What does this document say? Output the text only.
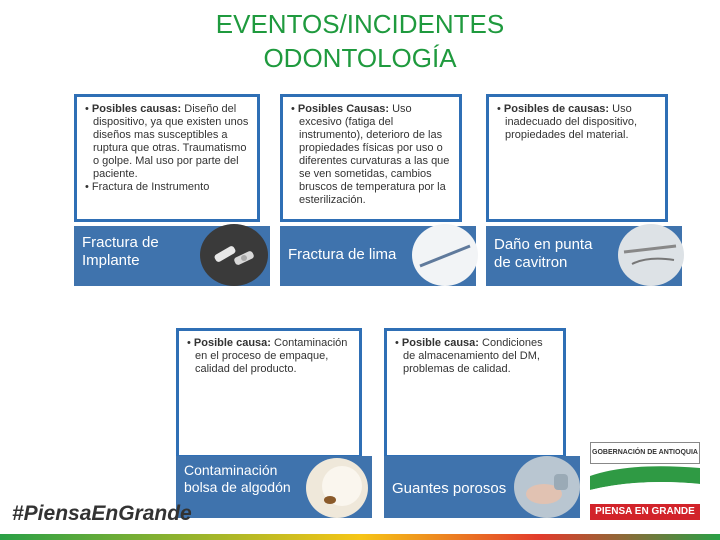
EVENTOS/INCIDENTES
ODONTOLOGÍA
• Posibles causas: Diseño del dispositivo, ya que existen unos diseños mas susceptibles a ruptura que otras. Traumatismo o golpe. Mal uso por parte del paciente.
• Fractura de Instrumento
Fractura de Implante
• Posibles Causas: Uso excesivo (fatiga del instrumento), deterioro de las propiedades físicas por uso o diferentes curvaturas a las que se ven sometidas, cambios bruscos de temperatura por la esterilización.
Fractura de lima
• Posibles de causas: Uso inadecuado del dispositivo, propiedades del material.
Daño en punta de cavitron
• Posible causa: Contaminación en el proceso de empaque, calidad del producto.
Contaminación bolsa de algodón
• Posible causa: Condiciones de almacenamiento del DM, problemas de calidad.
Guantes porosos
#PiensaEnGrande
GOBERNACIÓN DE ANTIOQUIA
PIENSA EN GRANDE
